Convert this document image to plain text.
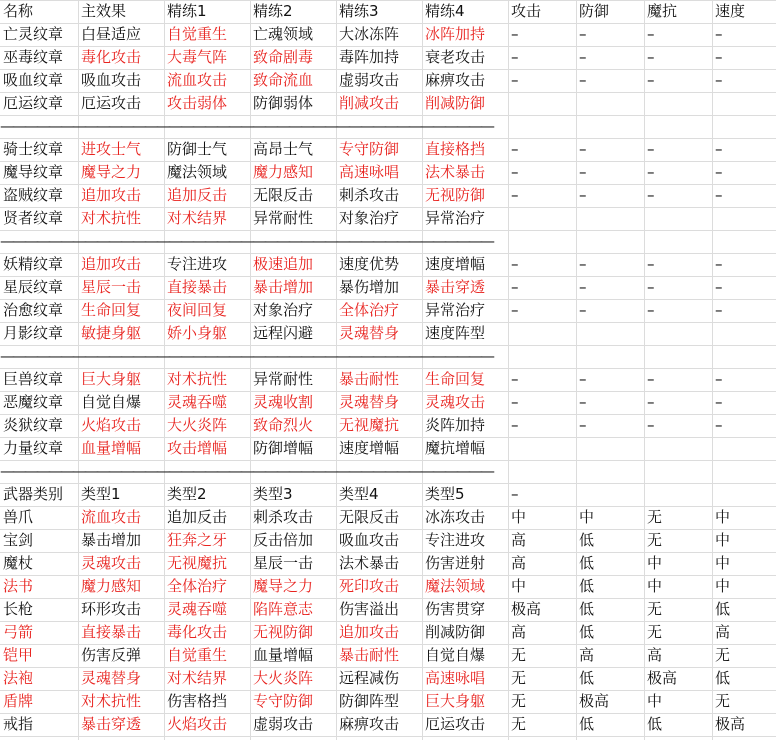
名称	主效果	精练1	精练2	精练3	精练4	攻击	防御	魔抗	速度
亡灵纹章	白昼适应	自觉重生	亡魂领域	大冰冻阵	冰阵加持	–	–	–	–
巫毒纹章	毒化攻击	大毒气阵	致命剧毒	毒阵加持	衰老攻击	–	–	–	–
吸血纹章	吸血攻击	流血攻击	致命流血	虚弱攻击	麻痹攻击	–	–	–	–
厄运纹章	厄运攻击	攻击弱体	防御弱体	削减攻击	削减防御
—————————————————————————————————————————
骑士纹章	进攻士气	防御士气	高昂士气	专守防御	直接格挡	–	–	–	–
魔导纹章	魔导之力	魔法领域	魔力感知	高速咏唱	法术暴击	–	–	–	–
盗贼纹章	追加攻击	追加反击	无限反击	刺杀攻击	无视防御	–	–	–	–
贤者纹章	对术抗性	对术结界	异常耐性	对象治疗	异常治疗
—————————————————————————————————————————
妖精纹章	追加攻击	专注进攻	极速追加	速度优势	速度增幅	–	–	–	–
星辰纹章	星辰一击	直接暴击	暴击增加	暴伤增加	暴击穿透	–	–	–	–
治愈纹章	生命回复	夜间回复	对象治疗	全体治疗	异常治疗	–	–	–	–
月影纹章	敏捷身躯	娇小身躯	远程闪避	灵魂替身	速度阵型
—————————————————————————————————————————
巨兽纹章	巨大身躯	对术抗性	异常耐性	暴击耐性	生命回复	–	–	–	–
恶魔纹章	自觉自爆	灵魂吞噬	灵魂收割	灵魂替身	灵魂攻击	–	–	–	–
炎狱纹章	火焰攻击	大火炎阵	致命烈火	无视魔抗	炎阵加持	–	–	–	–
力量纹章	血量增幅	攻击增幅	防御增幅	速度增幅	魔抗增幅
—————————————————————————————————————————
武器类别	类型1	类型2	类型3	类型4	类型5	–
兽爪	流血攻击	追加反击	刺杀攻击	无限反击	冰冻攻击	中	中	无	中
宝剑	暴击增加	狂奔之牙	反击倍加	吸血攻击	专注进攻	高	低	无	中
魔杖	灵魂攻击	无视魔抗	星辰一击	法术暴击	伤害迸射	高	低	中	中
法书	魔力感知	全体治疗	魔导之力	死印攻击	魔法领域	中	低	中	中
长枪	环形攻击	灵魂吞噬	陷阵意志	伤害溢出	伤害贯穿	极高	低	无	低
弓箭	直接暴击	毒化攻击	无视防御	追加攻击	削减防御	高	低	无	高
铠甲	伤害反弹	自觉重生	血量增幅	暴击耐性	自觉自爆	无	高	高	无
法袍	灵魂替身	对术结界	大火炎阵	远程减伤	高速咏唱	无	低	极高	低
盾牌	对术抗性	伤害格挡	专守防御	防御阵型	巨大身躯	无	极高	中	无
戒指	暴击穿透	火焰攻击	虚弱攻击	麻痹攻击	厄运攻击	无	低	低	极高
